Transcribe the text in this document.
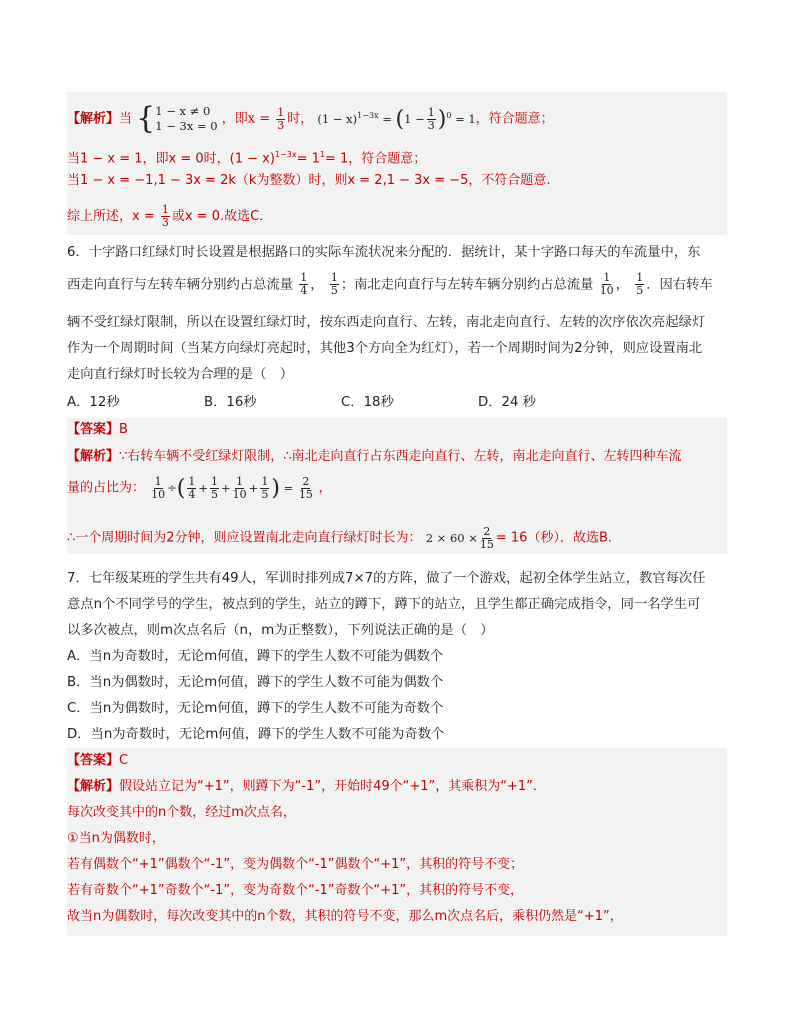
【解析】当 { 1 − x ≠ 0
1 − 3x = 0 ，即$x = \frac{1}{3}$ 时， $(1 - x)^{1-3x} = (1 - \frac{1}{3} )^0 = 1$，符合题意；
当1 − x = 1，即x = 0时，$(1 - x)^{1-3x}= 1^1= 1$，符合题意；
当1 − x = −1,1 − 3x = 2k（k为整数）时，则x = 2,1 − 3x = −5，不符合题意.
综上所述，$x = \frac{1}{3}$ 或x = 0.故选C．
6．十字路口红绿灯时长设置是根据路口的实际车流状况来分配的．据统计，某十字路口每天的车流量中，东
西走向直行与左转车辆分别约占总流量 $\frac{1}{4}$ ， $\frac{1}{5}$ ；南北走向直行与左转车辆分别约占总流量 $\frac{1}{10}$ ， $\frac{1}{5}$ ．因右转车
辆不受红绿灯限制，所以在设置红绿灯时，按东西走向直行、左转，南北走向直行、左转的次序依次亮起绿灯
作为一个周期时间（当某方向绿灯亮起时，其他3个方向全为红灯），若一个周期时间为2分钟，则应设置南北
走向直行绿灯时长较为合理的是（　）
A．12秒	B．16秒	C．18秒	D．24 秒
【答案】B
【解析】∵右转车辆不受红绿灯限制，∴南北走向直行占东西走向直行、左转，南北走向直行、左转四种车流
量的占比为： $\frac{1}{10}$ ÷( $\frac{1}{4} + \frac{1}{5} + \frac{1}{10} + \frac{1}{5}$ ) = $\frac{2}{15}$ ，
∴一个周期时间为2分钟，则应设置南北走向直行绿灯时长为： $2 \times 60 \times \frac{2}{15} = 16$（秒）．故选B.
7．七年级某班的学生共有49人，军训时排列成7×7的方阵，做了一个游戏，起初全体学生站立，教官每次任
意点n个不同学号的学生，被点到的学生，站立的蹲下，蹲下的站立，且学生都正确完成指令，同一名学生可
以多次被点，则m次点名后（n，m为正整数），下列说法正确的是（　）
A．当n为奇数时，无论m何值，蹲下的学生人数不可能为偶数个
B．当n为偶数时，无论m何值，蹲下的学生人数不可能为偶数个
C．当n为偶数时，无论m何值，蹲下的学生人数不可能为奇数个
D．当n为奇数时，无论m何值，蹲下的学生人数不可能为奇数个
【答案】C
【解析】假设站立记为“+1”，则蹲下为“-1”，开始时49个“+1”，其乘积为“+1”．
每次改变其中的n个数，经过m次点名，
①当n为偶数时，
若有偶数个“+1”偶数个“-1”，变为偶数个“-1”偶数个“+1”，其积的符号不变；
若有奇数个“+1”奇数个“-1”，变为奇数个“-1”奇数个“+1”，其积的符号不变，
故当n为偶数时，每次改变其中的n个数，其积的符号不变，那么m次点名后，乘积仍然是“+1”，
